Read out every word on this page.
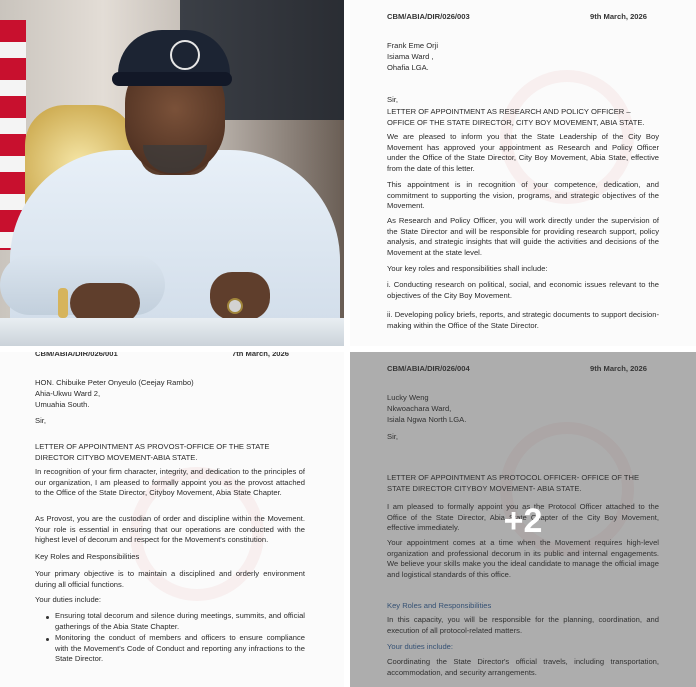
CBM/ABIA/DIR/026/003	9th March, 2026
Frank Eme Orji
Isiama Ward ,
Ohafia LGA.
Sir,
LETTER OF APPOINTMENT AS RESEARCH AND POLICY OFFICER – OFFICE OF THE STATE DIRECTOR, CITY BOY MOVEMENT, ABIA STATE.
We are pleased to inform you that the State Leadership of the City Boy Movement has approved your appointment as Research and Policy Officer under the Office of the State Director, City Boy Movement, Abia State, effective from the date of this letter.
This appointment is in recognition of your competence, dedication, and commitment to supporting the vision, programs, and strategic objectives of the Movement.
As Research and Policy Officer, you will work directly under the supervision of the State Director and will be responsible for providing research support, policy analysis, and strategic insights that will guide the activities and decisions of the Movement at the state level.
Your key roles and responsibilities shall include:
i. Conducting research on political, social, and economic issues relevant to the objectives of the City Boy Movement.
ii. Developing policy briefs, reports, and strategic documents to support decision-making within the Office of the State Director.
CBM/ABIA/DIR/026/001	7th March, 2026
HON. Chibuike Peter Onyeulo (Ceejay Rambo)
Ahia-Ukwu Ward 2,
Umuahia South.
Sir,
LETTER OF APPOINTMENT AS PROVOST-OFFICE OF THE STATE DIRECTOR CITYBO MOVEMENT-ABIA STATE.
In recognition of your firm character, integrity, and dedication to the principles of our organization, I am pleased to formally appoint you as the provost attached to the Office of the State Director, Cityboy Movement, Abia State Chapter.
As Provost, you are the custodian of order and discipline within the Movement. Your role is essential in ensuring that our operations are conducted with the highest level of decorum and respect for the Movement's constitution.
Key Roles and Responsibilities
Your primary objective is to maintain a disciplined and orderly environment during all official functions.
Your duties include:
Ensuring total decorum and silence during meetings, summits, and official gatherings of the Abia State Chapter.
Monitoring the conduct of members and officers to ensure compliance with the Movement's Code of Conduct and reporting any infractions to the State Director.
CBM/ABIA/DIR/026/004	9th March, 2026
Lucky Weng
Nkwoachara Ward,
Isiala Ngwa North LGA.
Sir,
LETTER OF APPOINTMENT AS PROTOCOL OFFICER- OFFICE OF THE STATE DIRECTOR CITYBOY MOVEMENT- ABIA STATE.
I am pleased to formally appoint you as the Protocol Officer attached to the Office of the State Director, Abia State Chapter of the City Boy Movement, effective immediately.
Your appointment comes at a time when the Movement requires high-level organization and professional decorum in its public and internal engagements. We believe your skills make you the ideal candidate to manage the official image and logistical standards of this office.
Key Roles and Responsibilities
In this capacity, you will be responsible for the planning, coordination, and execution of all protocol-related matters.
Your duties include:
Coordinating the State Director's official travels, including transportation, accommodation, and security arrangements.
+2
